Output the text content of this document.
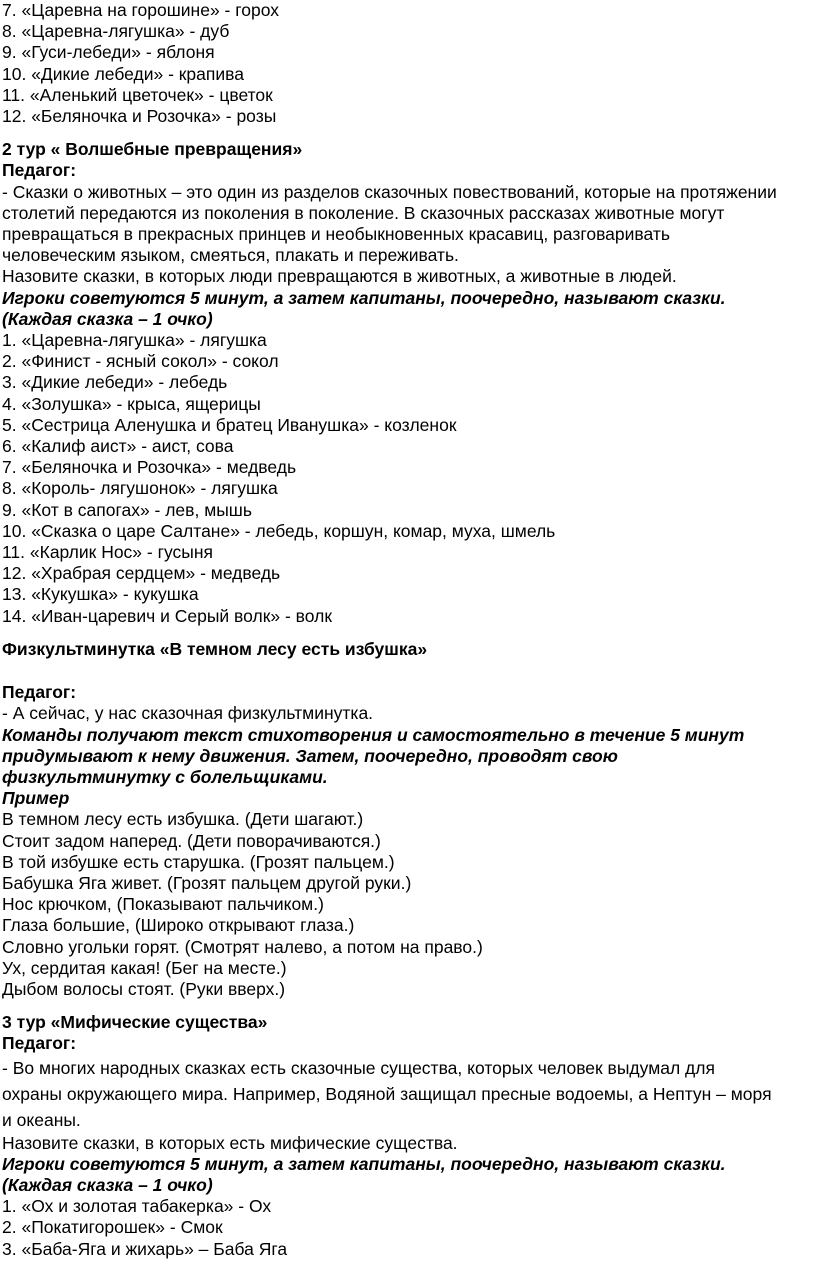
7. «Царевна на горошине» - горох
8. «Царевна-лягушка» - дуб
9. «Гуси-лебеди» - яблоня
10. «Дикие лебеди» - крапива
11. «Аленький цветочек» - цветок
12. «Беляночка и Розочка» - розы
2 тур « Волшебные превращения»
Педагог:
- Сказки о животных – это один из разделов сказочных повествований, которые на протяжении
столетий передаются из поколения в поколение. В сказочных рассказах животные могут
превращаться в прекрасных принцев и необыкновенных красавиц, разговаривать
человеческим языком, смеяться, плакать и переживать.
Назовите сказки, в которых люди превращаются в животных, а животные в людей.
Игроки советуются 5 минут, а затем капитаны, поочередно, называют сказки.
(Каждая сказка – 1 очко)
1. «Царевна-лягушка» - лягушка
2. «Финист - ясный сокол» - сокол
3. «Дикие лебеди» - лебедь
4. «Золушка» - крыса, ящерицы
5. «Сестрица Аленушка и братец Иванушка» - козленок
6. «Калиф аист» - аист, сова
7. «Беляночка и Розочка» - медведь
8. «Король- лягушонок» - лягушка
9. «Кот в сапогах» - лев, мышь
10. «Сказка о царе Салтане» - лебедь, коршун, комар, муха, шмель
11. «Карлик Нос» - гусыня
12. «Храбрая сердцем» - медведь
13. «Кукушка» - кукушка
14. «Иван-царевич и Серый волк» - волк
Физкультминутка «В темном лесу есть избушка»
Педагог:
- А сейчас, у нас сказочная физкультминутка.
Команды получают текст стихотворения и самостоятельно в течение 5 минут
придумывают к нему движения. Затем, поочередно, проводят свою
физкультминутку с болельщиками.
Пример
В темном лесу есть избушка. (Дети шагают.)
Стоит задом наперед. (Дети поворачиваются.)
В той избушке есть старушка. (Грозят пальцем.)
Бабушка Яга живет. (Грозят пальцем другой руки.)
Нос крючком, (Показывают пальчиком.)
Глаза большие, (Широко открывают глаза.)
Словно угольки горят. (Смотрят налево, а потом на право.)
Ух, сердитая какая! (Бег на месте.)
Дыбом волосы стоят. (Руки вверх.)
3 тур «Мифические существа»
Педагог:
- Во многих народных сказках есть сказочные существа, которых человек выдумал для
охраны окружающего мира. Например, Водяной защищал пресные водоемы, а Нептун – моря
и океаны.
Назовите сказки, в которых есть мифические существа.
Игроки советуются 5 минут, а затем капитаны, поочередно, называют сказки.
(Каждая сказка – 1 очко)
1. «Ох и золотая табакерка» - Ох
2. «Покатигорошек» - Смок
3. «Баба-Яга и жихарь» – Баба Яга
